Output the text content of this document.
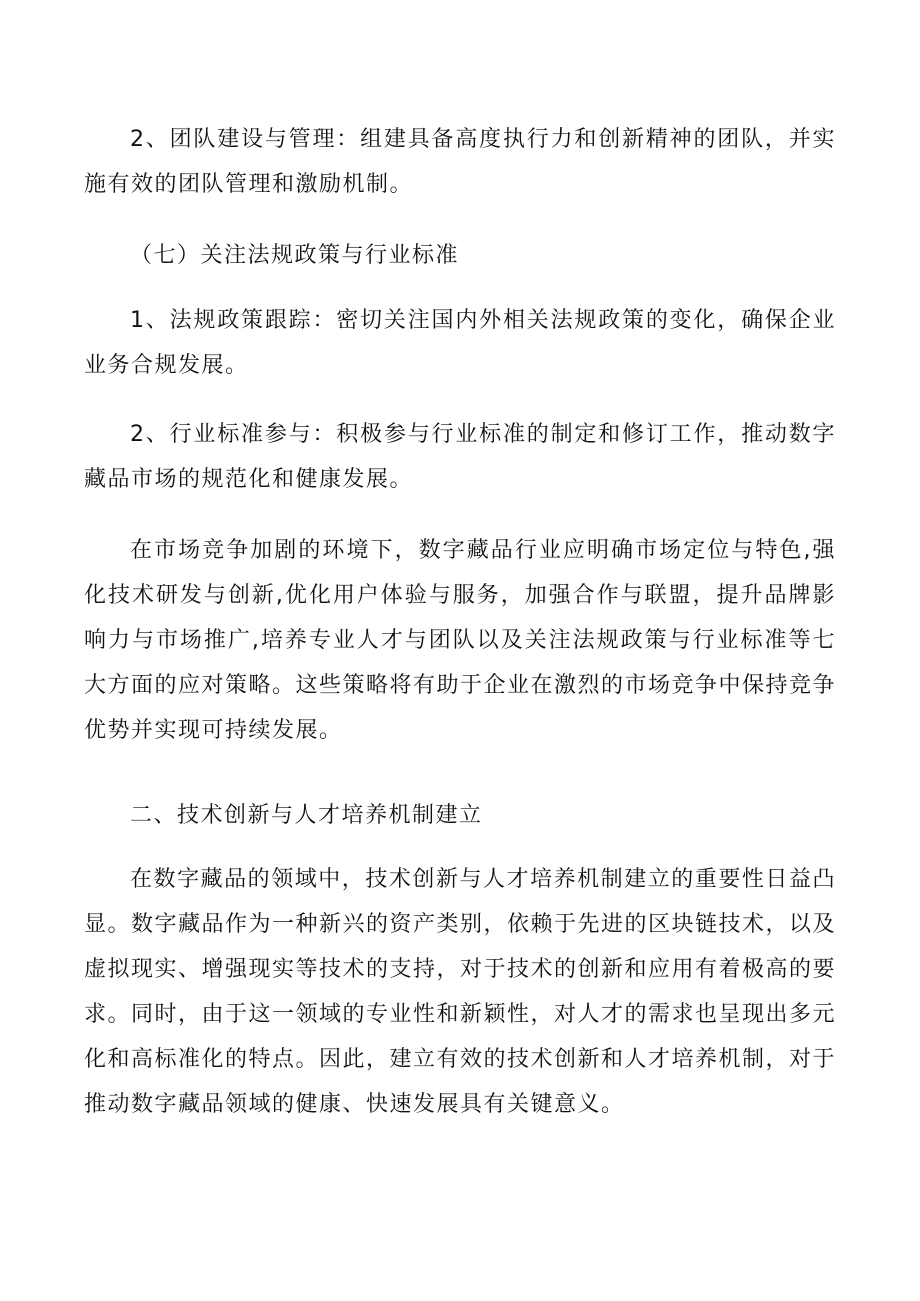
2、团队建设与管理：组建具备高度执行力和创新精神的团队，并实施有效的团队管理和激励机制。

（七）关注法规政策与行业标准

1、法规政策跟踪：密切关注国内外相关法规政策的变化，确保企业业务合规发展。

2、行业标准参与：积极参与行业标准的制定和修订工作，推动数字藏品市场的规范化和健康发展。

在市场竞争加剧的环境下，数字藏品行业应明确市场定位与特色,强化技术研发与创新,优化用户体验与服务，加强合作与联盟，提升品牌影响力与市场推广,培养专业人才与团队以及关注法规政策与行业标准等七大方面的应对策略。这些策略将有助于企业在激烈的市场竞争中保持竞争优势并实现可持续发展。

二、技术创新与人才培养机制建立

在数字藏品的领域中，技术创新与人才培养机制建立的重要性日益凸显。数字藏品作为一种新兴的资产类别，依赖于先进的区块链技术，以及虚拟现实、增强现实等技术的支持，对于技术的创新和应用有着极高的要求。同时，由于这一领域的专业性和新颖性，对人才的需求也呈现出多元化和高标准化的特点。因此，建立有效的技术创新和人才培养机制，对于推动数字藏品领域的健康、快速发展具有关键意义。
